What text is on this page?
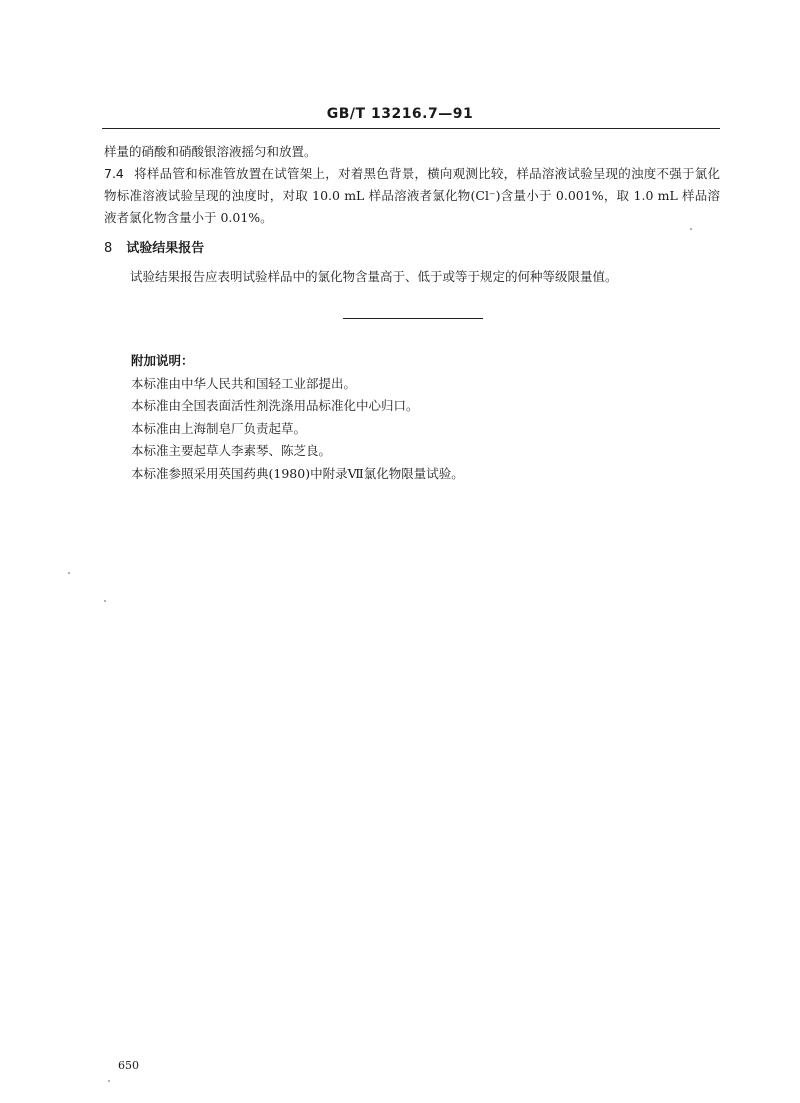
GB/T 13216.7—91
样量的硝酸和硝酸银溶液摇匀和放置。
7.4 将样品管和标准管放置在试管架上，对着黑色背景，横向观测比较，样品溶液试验呈现的浊度不强于氯化物标准溶液试验呈现的浊度时，对取 10.0 mL 样品溶液者氯化物(Cl⁻)含量小于 0.001%，取 1.0 mL 样品溶液者氯化物含量小于 0.01%。
8 试验结果报告
试验结果报告应表明试验样品中的氯化物含量高于、低于或等于规定的何种等级限量值。
附加说明：
本标准由中华人民共和国轻工业部提出。
本标准由全国表面活性剂洗涤用品标准化中心归口。
本标准由上海制皂厂负责起草。
本标准主要起草人李素琴、陈芝良。
本标准参照采用英国药典(1980)中附录Ⅶ氯化物限量试验。
650
